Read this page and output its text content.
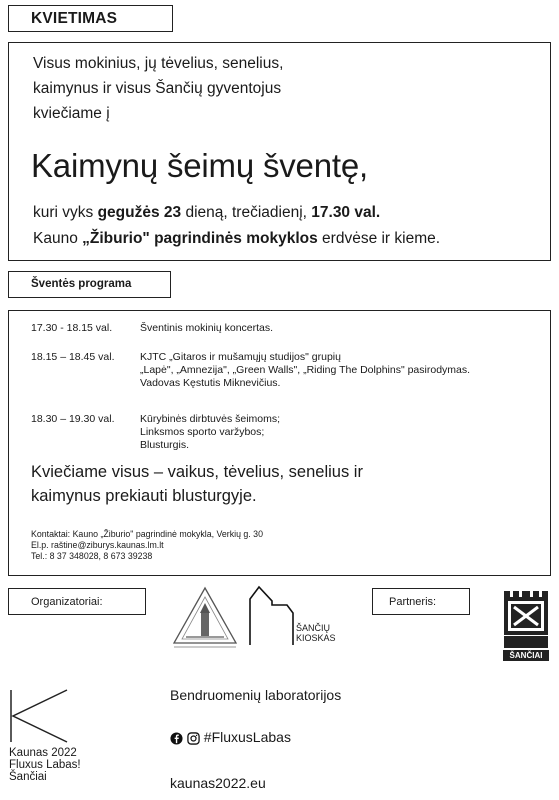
KVIETIMAS
Visus mokinius, jų tėvelius, senelius,
kaimynus ir visus Šančių gyventojus
kviečiame į
Kaimynų šeimų šventę,
kuri vyks gegužės 23 dieną, trečiadienį, 17.30 val.
Kauno „Žiburio" pagrindinės mokyklos erdvėse ir kieme.
Šventės programa
17.30 - 18.15 val.	Šventinis mokinių koncertas.
18.15 – 18.45 val. KJTC „Gitaros ir mušamųjų studijos" grupių
„Lapė", „Amnezija", „Green Walls", „Riding The Dolphins" pasirodymas.
Vadovas Kęstutis Miknevičius.
18.30 – 19.30 val. Kūrybinės dirbtuvės šeimoms;
Linksmos sporto varžybos;
Blusturgis.
Kviečiame visus – vaikus, tėvelius, senelius ir
kaimynus prekiauti blusturgyje.
Kontaktai: Kauno „Žiburio" pagrindinė mokykla, Verkių g. 30
El.p. raštine@ziburys.kaunas.lm.lt
Tel.: 8 37 348028, 8 673 39238
Organizatoriai:
ŠANČIŲ
KIOSKAS
Partneris:
ŠANČIAI
Kaunas 2022
Fluxus Labas!
Šančiai
Bendruomenių laboratorijos
#FluxusLabas
kaunas2022.eu
